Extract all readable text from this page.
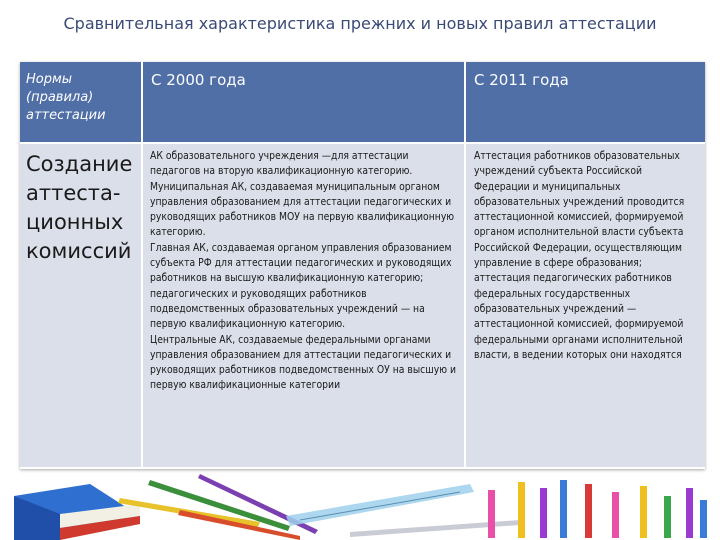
Сравнительная характеристика прежних и новых правил аттестации
Нормы
(правила)
аттестации
С 2000 года	С 2011 года
Создание
аттеста-
ционных
комиссий
АК образовательного учреждения —для аттестации педагогов на вторую квалификационную категорию.
Муниципальная АК, создаваемая муниципальным органом управления образованием для аттестации педагогических и руководящих работников МОУ на первую квалификационную категорию.
Главная АК, создаваемая органом управления образованием субъекта РФ для аттестации педагогических и руководящих работников на высшую квалификационную категорию; педагогических и руководящих работников подведомственных образовательных учреждений — на первую квалификационную категорию.
Центральные АК, создаваемые федеральными органами управления образованием для аттестации педагогических и руководящих работников подведомственных ОУ на высшую и первую квалификационные категории
Аттестация работников образовательных учреждений субъекта Российской Федерации и муниципальных образовательных учреждений проводится аттестационной комиссией, формируемой органом исполнительной власти субъекта Российской Федерации, осуществляющим управление в сфере образования; аттестация педагогических работников федеральных государственных образовательных учреждений — аттестационной комиссией, формируемой федеральными органами исполнительной власти, в ведении которых они находятся
